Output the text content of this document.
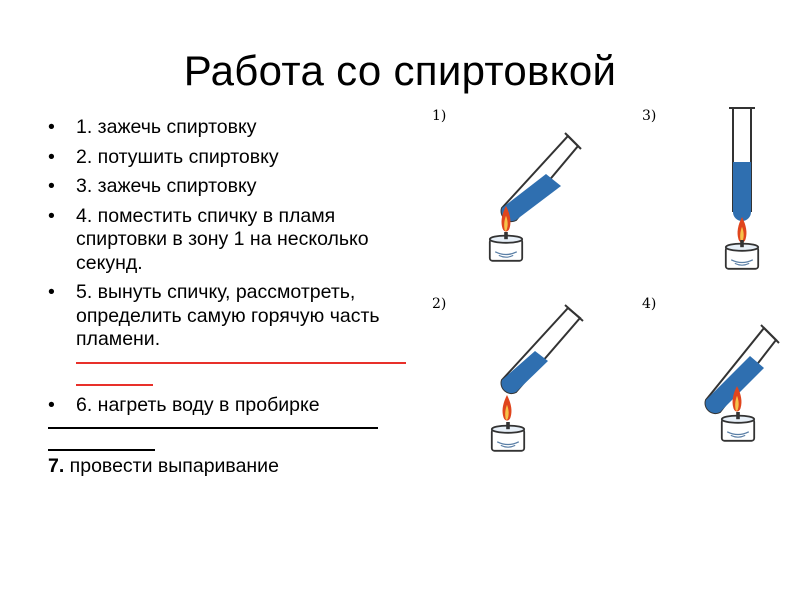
Работа со спиртовкой
• 1. зажечь спиртовку
• 2. потушить спиртовку
• 3. зажечь спиртовку
• 4. поместить спичку в пламя спиртовки в зону 1 на несколько секунд.
• 5. вынуть спичку, рассмотреть, определить самую горячую часть пламени.
• 6. нагреть воду в пробирке
7. провести выпаривание
1)	3)
2)	4)
